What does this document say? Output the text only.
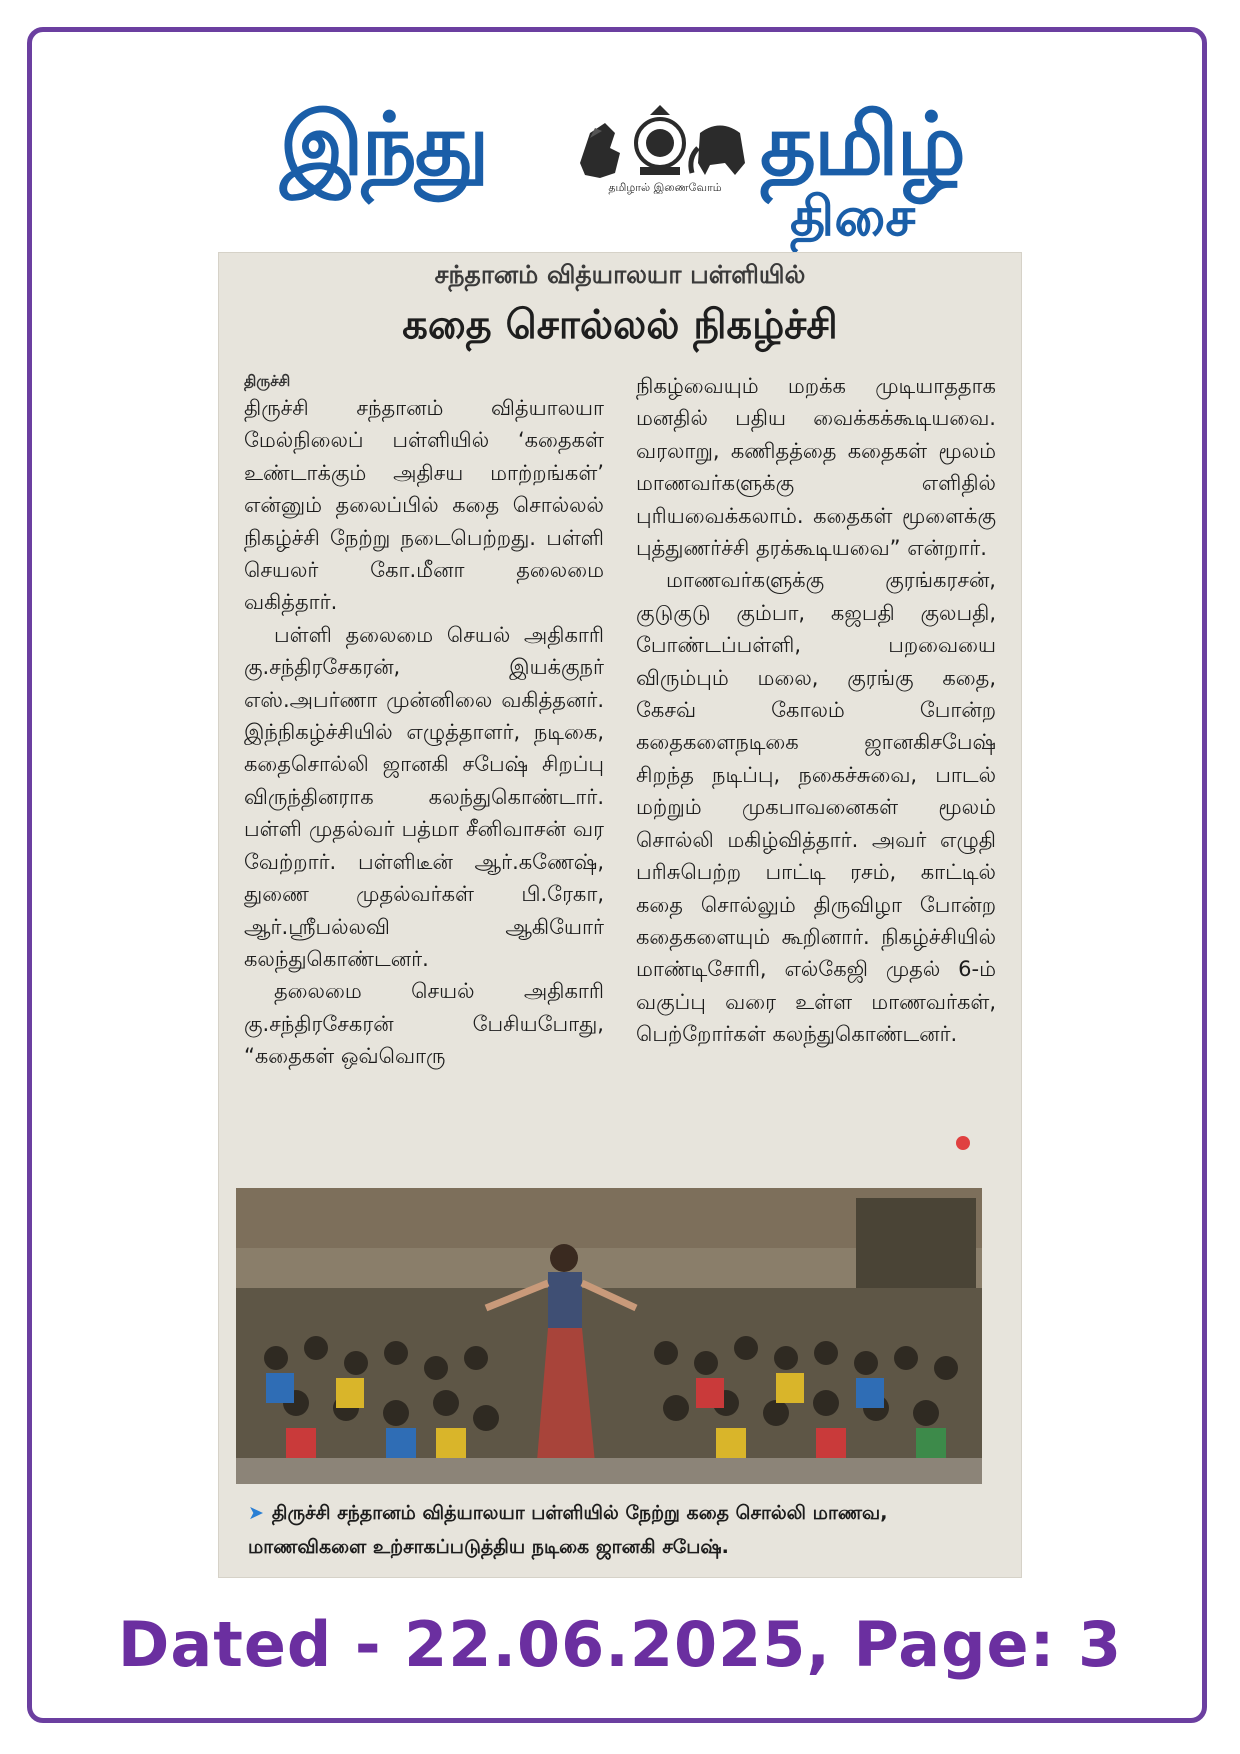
இந்து	தமிழால் இணைவோம் தமிழ்
திசை
சந்தானம் வித்யாலயா பள்ளியில்
கதை சொல்லல் நிகழ்ச்சி
திருச்சி

திருச்சி சந்தானம் வித்யாலயா மேல்நிலைப் பள்ளியில் ‘கதைகள் உண்டாக்கும் அதிசய மாற்றங்கள்’ என்னும் தலைப்பில் கதை சொல்லல் நிகழ்ச்சி நேற்று நடைபெற்றது. பள்ளி செயலர் கோ.மீனா தலைமை வகித்தார்.

பள்ளி தலைமை செயல் அதிகாரி கு.சந்திரசேகரன், இயக்குநர் எஸ்.அபர்ணா முன்னிலை வகித்தனர். இந்நிகழ்ச்சியில் எழுத்தாளர், நடிகை, கதைசொல்லி ஜானகி சபேஷ் சிறப்பு விருந்தினராக கலந்துகொண்டார். பள்ளி முதல்வர் பத்மா சீனிவாசன் வர வேற்றார். பள்ளிடீன் ஆர்.கணேஷ், துணை முதல்வர்கள் பி.ரேகா, ஆர்.ஸ்ரீபல்லவி ஆகியோர் கலந்துகொண்டனர்.

தலைமை செயல் அதிகாரி கு.சந்திரசேகரன் பேசியபோது, “கதைகள் ஒவ்வொரு

நிகழ்வையும் மறக்க முடியாததாக மனதில் பதிய வைக்கக்கூடியவை. வரலாறு, கணிதத்தை கதைகள் மூலம் மாணவர்களுக்கு எளிதில் புரியவைக்கலாம். கதைகள் மூளைக்கு புத்துணர்ச்சி தரக்கூடியவை” என்றார்.

மாணவர்களுக்கு குரங்கரசன், குடுகுடு கும்பா, கஜபதி குலபதி, போண்டப்பள்ளி, பறவையை விரும்பும் மலை, குரங்கு கதை, கேசவ் கோலம் போன்ற கதைகளைநடிகை ஜானகிசபேஷ் சிறந்த நடிப்பு, நகைச்சுவை, பாடல் மற்றும் முகபாவனைகள் மூலம் சொல்லி மகிழ்வித்தார். அவர் எழுதி பரிசுபெற்ற பாட்டி ரசம், காட்டில் கதை சொல்லும் திருவிழா போன்ற கதைகளையும் கூறினார். நிகழ்ச்சியில் மாண்டிசோரி, எல்கேஜி முதல் 6-ம் வகுப்பு வரை உள்ள மாணவர்கள், பெற்றோர்கள் கலந்துகொண்டனர்.

➤ திருச்சி சந்தானம் வித்யாலயா பள்ளியில் நேற்று கதை சொல்லி மாணவ, மாணவிகளை உற்சாகப்படுத்திய நடிகை ஜானகி சபேஷ்.
Dated - 22.06.2025, Page: 3
